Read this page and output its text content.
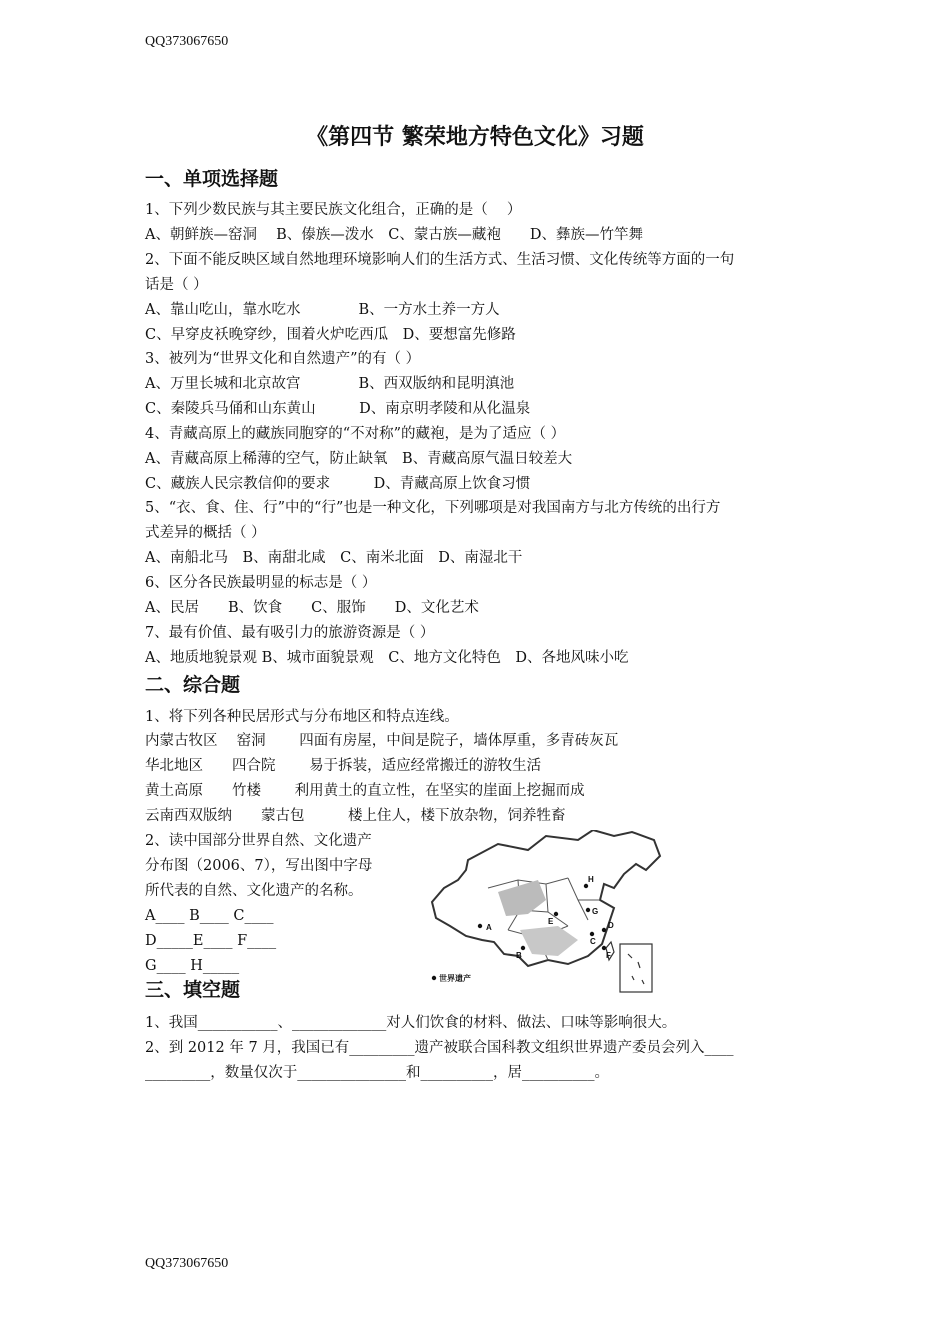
QQ373067650
《第四节 繁荣地方特色文化》习题
一、单项选择题
1、下列少数民族与其主要民族文化组合，正确的是（　 ）
A、朝鲜族—窑洞　 B、傣族—泼水　C、蒙古族—藏袍　　D、彝族—竹竿舞
2、下面不能反映区域自然地理环境影响人们的生活方式、生活习惯、文化传统等方面的一句
话是（ ）
A、靠山吃山，靠水吃水　　　　B、一方水土养一方人
C、早穿皮袄晚穿纱，围着火炉吃西瓜　D、要想富先修路
3、被列为“世界文化和自然遗产”的有（ ）
A、万里长城和北京故宫　　　　B、西双版纳和昆明滇池
C、秦陵兵马俑和山东黄山　　　D、南京明孝陵和从化温泉
4、青藏高原上的藏族同胞穿的“不对称”的藏袍，是为了适应（ ）
A、青藏高原上稀薄的空气，防止缺氧　B、青藏高原气温日较差大
C、藏族人民宗教信仰的要求　　　D、青藏高原上饮食习惯
5、“衣、食、住、行”中的“行”也是一种文化，下列哪项是对我国南方与北方传统的出行方
式差异的概括（ ）
A、南船北马　B、南甜北咸　C、南米北面　D、南湿北干
6、区分各民族最明显的标志是（ ）
A、民居　　B、饮食　　C、服饰　　D、文化艺术
7、最有价值、最有吸引力的旅游资源是（ ）
A、地质地貌景观 B、城市面貌景观　C、地方文化特色　D、各地风味小吃
二、综合题
1、将下列各种民居形式与分布地区和特点连线。
内蒙古牧区　 窑洞　　 四面有房屋，中间是院子，墙体厚重，多青砖灰瓦
华北地区　　四合院　　 易于拆装，适应经常搬迁的游牧生活
黄土高原　　竹楼　　 利用黄土的直立性，在坚实的崖面上挖掘而成
云南西双版纳　　蒙古包　　　楼上住人，楼下放杂物，饲养牲畜
2、读中国部分世界自然、文化遗产
分布图（2006、7），写出图中字母
所代表的自然、文化遗产的名称。
A____ B____ C____
D_____E____ F____
G____ H_____
A
B
C
D
E
F
G
H
世界遗产
三、填空题
1、我国___________、_____________对人们饮食的材料、做法、口味等影响很大。
2、到 2012 年 7 月，我国已有_________遗产被联合国科教文组织世界遗产委员会列入____
_________，数量仅次于_______________和__________，居__________。
QQ373067650
